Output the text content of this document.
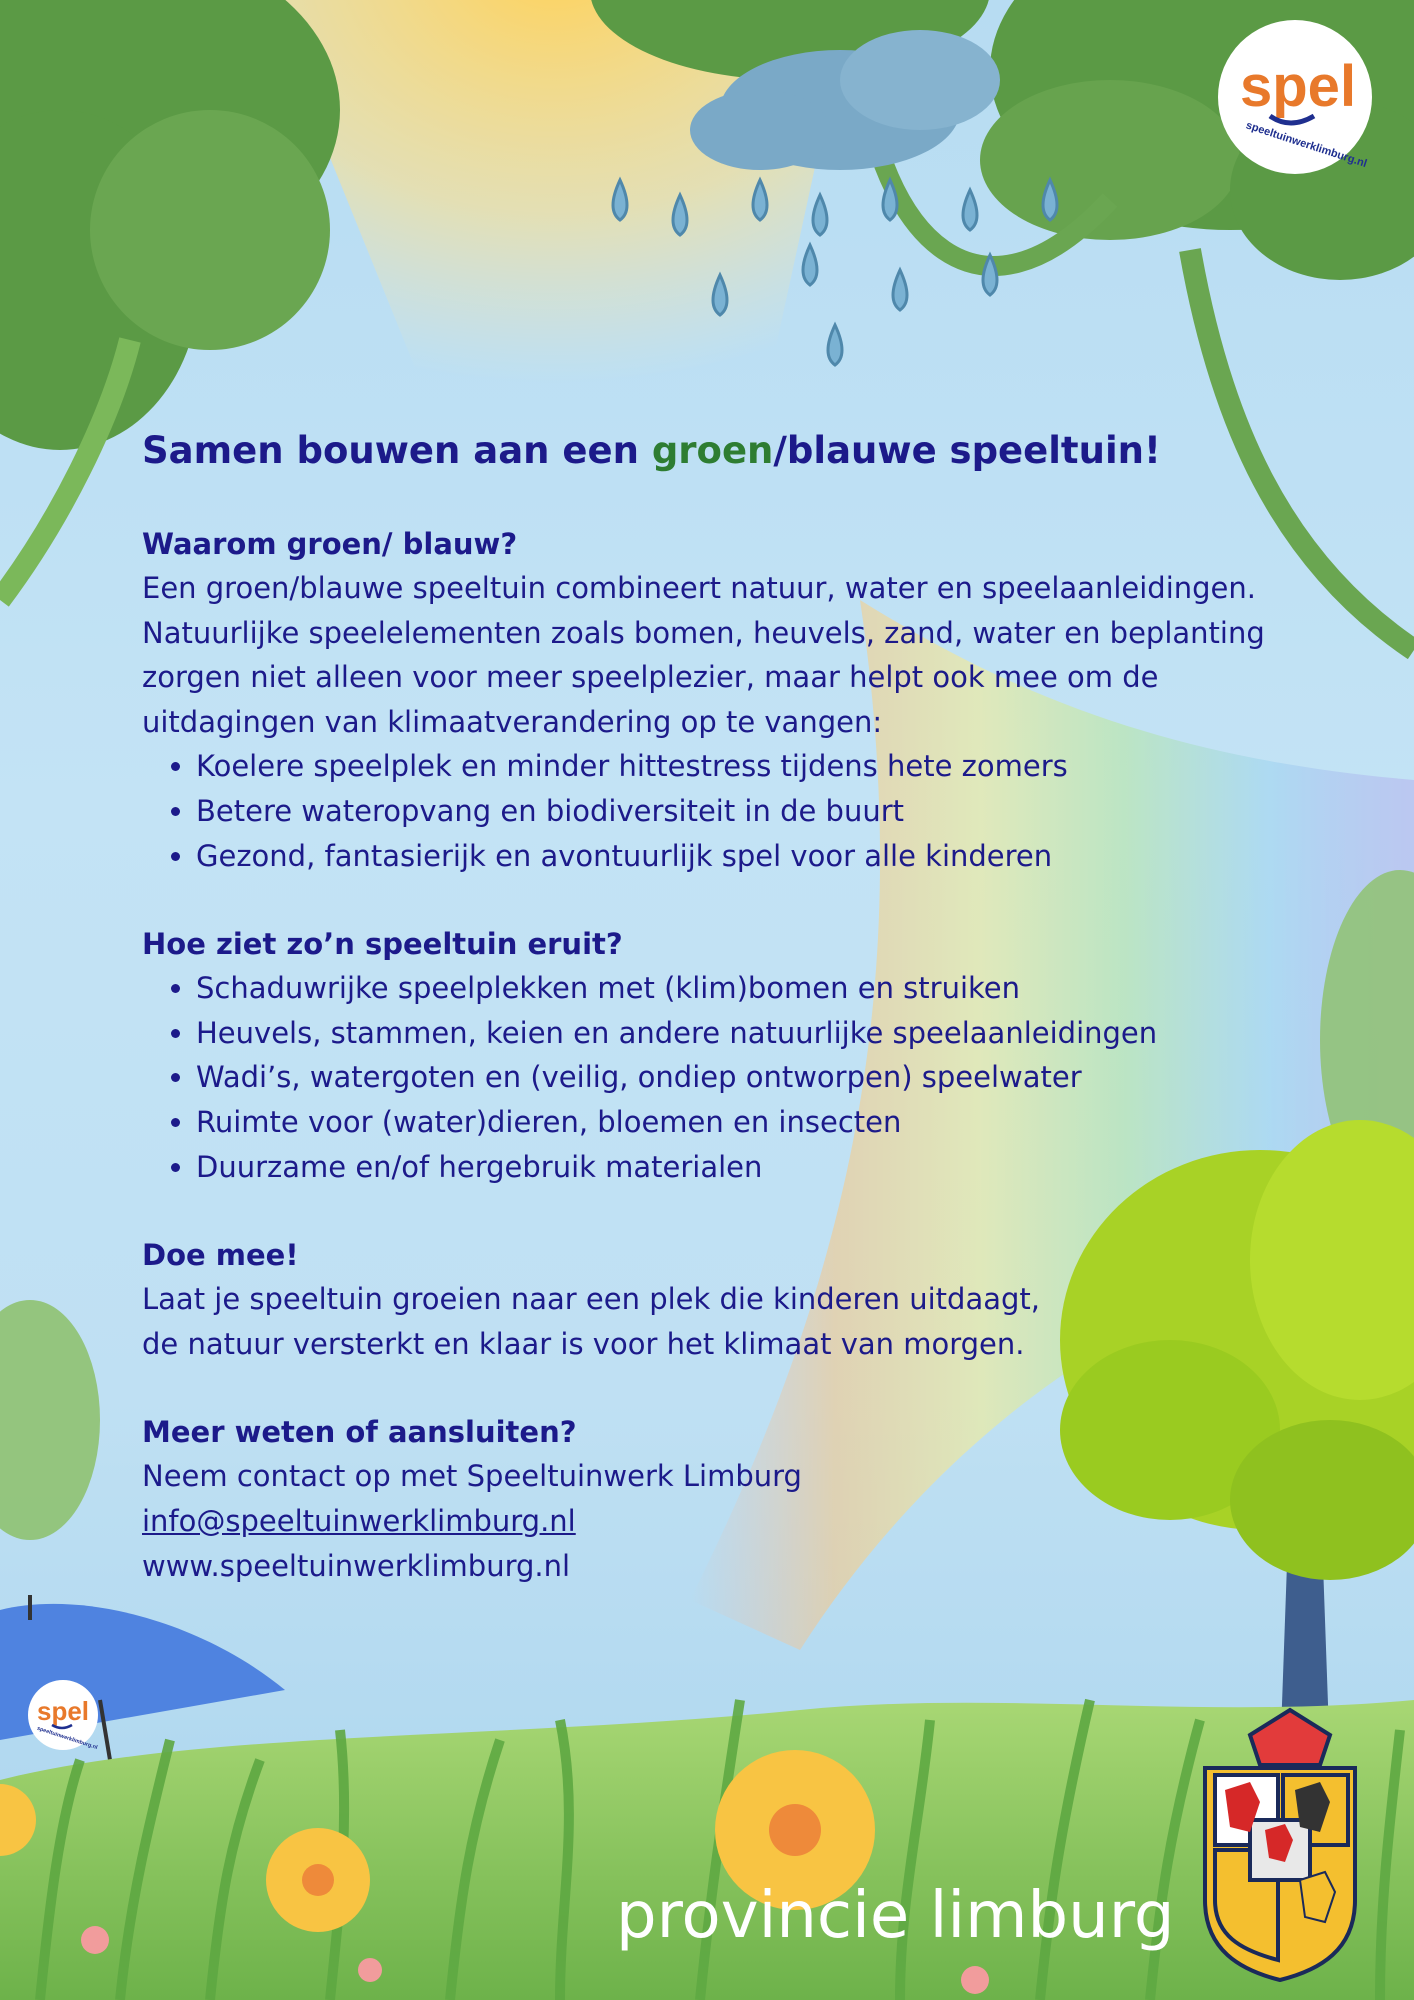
spel
speeltuinwerklimburg.nl
Samen bouwen aan een groen/blauwe speeltuin!
Waarom groen/ blauw?

Een groen/blauwe speeltuin combineert natuur, water en speelaanleidingen.

Natuurlijke speelelementen zoals bomen, heuvels, zand, water en beplanting

zorgen niet alleen voor meer speelplezier, maar helpt ook mee om de

uitdagingen van klimaatverandering op te vangen:

• Koelere speelplek en minder hittestress tijdens hete zomers
• Betere wateropvang en biodiversiteit in de buurt
• Gezond, fantasierijk en avontuurlijk spel voor alle kinderen
Hoe ziet zo’n speeltuin eruit?
• Schaduwrijke speelplekken met (klim)bomen en struiken
• Heuvels, stammen, keien en andere natuurlijke speelaanleidingen
• Wadi’s, watergoten en (veilig, ondiep ontworpen) speelwater
• Ruimte voor (water)dieren, bloemen en insecten
• Duurzame en/of hergebruik materialen
Doe mee!

Laat je speeltuin groeien naar een plek die kinderen uitdaagt,

de natuur versterkt en klaar is voor het klimaat van morgen.

Meer weten of aansluiten?

Neem contact op met Speeltuinwerk Limburg

info@speeltuinwerklimburg.nl

www.speeltuinwerklimburg.nl

spel
speeltuinwerklimburg.nl
provincie limburg
